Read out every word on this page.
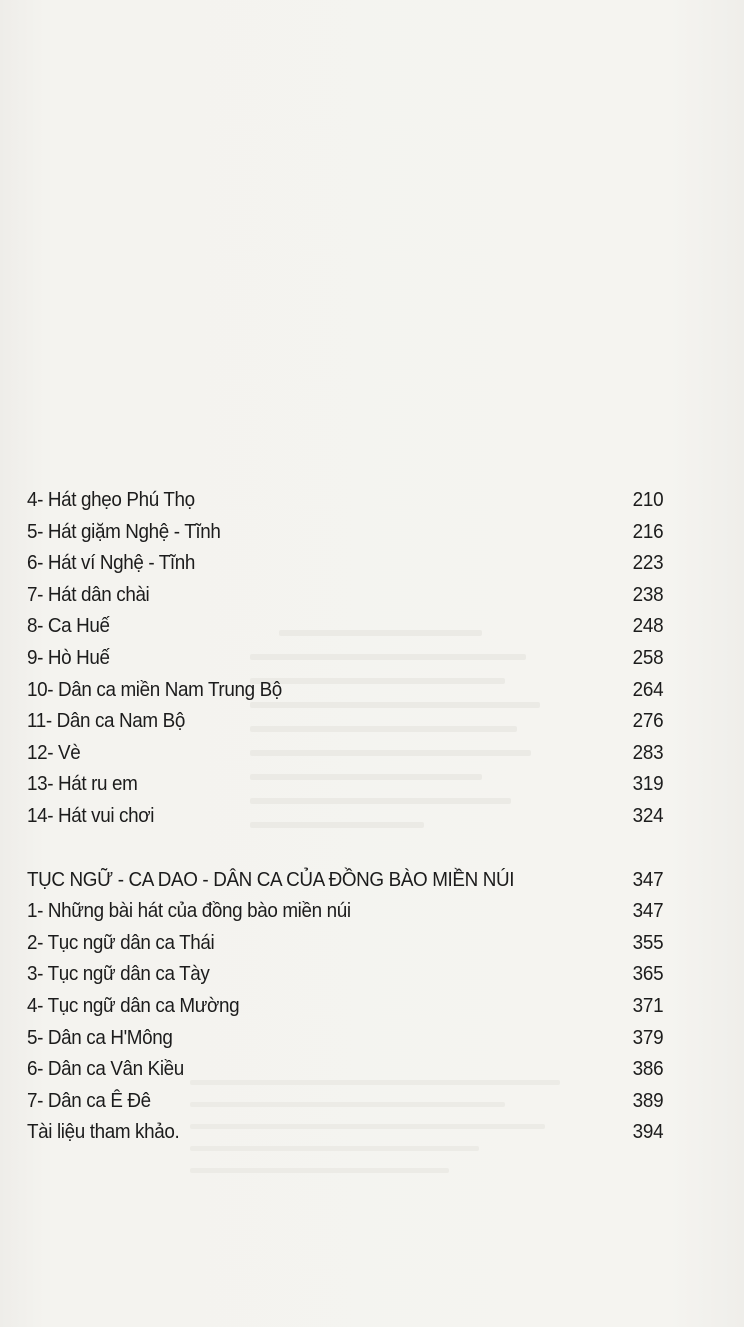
4- Hát ghẹo Phú Thọ	210
5- Hát giặm Nghệ - Tĩnh	216
6- Hát ví Nghệ - Tĩnh	223
7- Hát dân chài	238
8- Ca Huế	248
9- Hò Huế	258
10- Dân ca miền Nam Trung Bộ	264
11- Dân ca Nam Bộ	276
12- Vè	283
13- Hát ru em	319
14- Hát vui chơi	324
TỤC NGỮ - CA DAO - DÂN CA CỦA ĐỒNG BÀO MIỀN NÚI	347
1- Những bài hát của đồng bào miền núi	347
2- Tục ngữ dân ca Thái	355
3- Tục ngữ dân ca Tày	365
4- Tục ngữ dân ca Mường	371
5- Dân ca H'Mông	379
6- Dân ca Vân Kiều	386
7- Dân ca Ê Đê	389
Tài liệu tham khảo.	394
